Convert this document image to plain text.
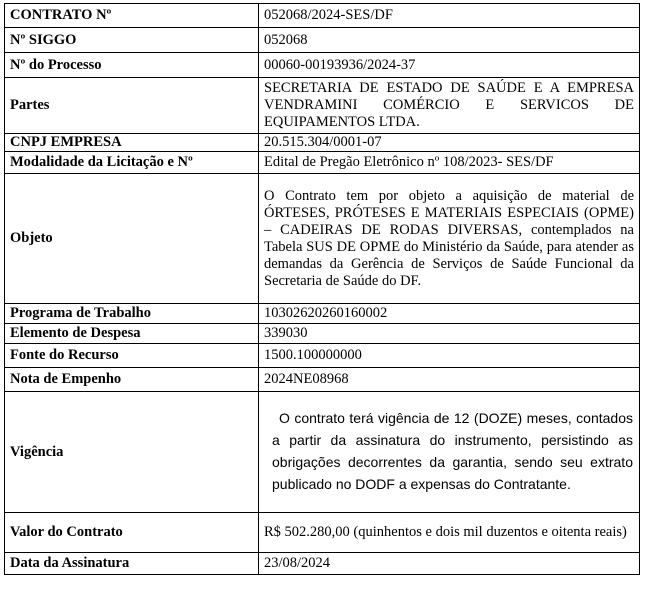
CONTRATO Nº	052068/2024-SES/DF
Nº SIGGO	052068
Nº do Processo	00060-00193936/2024-37
Partes	SECRETARIA DE ESTADO DE SAÚDE E A EMPRESA VENDRAMINI COMÉRCIO E SERVICOS DE EQUIPAMENTOS LTDA.
CNPJ EMPRESA	20.515.304/0001-07
Modalidade da Licitação e Nº	Edital de Pregão Eletrônico nº 108/2023- SES/DF
Objeto	O Contrato tem por objeto a aquisição de material de ÓRTESES, PRÓTESES E MATERIAIS ESPECIAIS (OPME) – CADEIRAS DE RODAS DIVERSAS, contemplados na Tabela SUS DE OPME do Ministério da Saúde, para atender as demandas da Gerência de Serviços de Saúde Funcional da Secretaria de Saúde do DF.
Programa de Trabalho	10302620260160002
Elemento de Despesa	339030
Fonte do Recurso	1500.100000000
Nota de Empenho	2024NE08968
Vigência	O contrato terá vigência de 12 (DOZE) meses, contados a partir da assinatura do instrumento, persistindo as obrigações decorrentes da garantia, sendo seu extrato publicado no DODF a expensas do Contratante.

Valor do Contrato	R$ 502.280,00 (quinhentos e dois mil duzentos e oitenta reais)
Data da Assinatura	23/08/2024
